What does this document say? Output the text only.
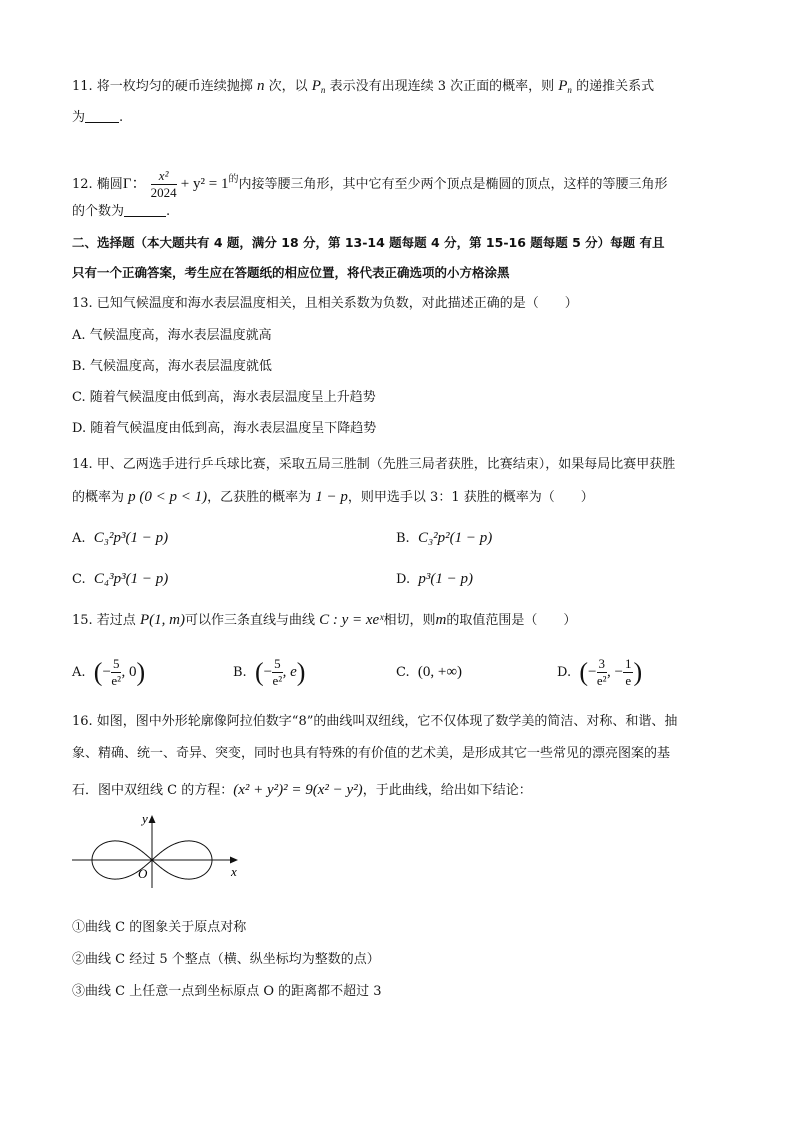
11. 将一枚均匀的硬币连续抛掷 n 次，以 $P_n$ 表示没有出现连续 3 次正面的概率，则 $P_n$ 的递推关系式
为	.
12. 椭圆Γ： $\frac{\text{x²}}{2024} + y^2 = 1^的$内接等腰三角形，其中它有至少两个顶点是椭圆的顶点，这样的等腰三角形
的个数为	.
二、选择题（本大题共有 4 题，满分 18 分，第 13-14 题每题 4 分，第 15-16 题每题 5 分）每题 有且
只有一个正确答案，考生应在答题纸的相应位置，将代表正确选项的小方格涂黑
13. 已知气候温度和海水表层温度相关，且相关系数为负数，对此描述正确的是（　　）
A. 气候温度高，海水表层温度就高
B. 气候温度高，海水表层温度就低
C. 随着气候温度由低到高，海水表层温度呈上升趋势
D. 随着气候温度由低到高，海水表层温度呈下降趋势
14. 甲、乙两选手进行乒乓球比赛，采取五局三胜制（先胜三局者获胜，比赛结束），如果每局比赛甲获胜
的概率为 p (0 < p < 1)，乙获胜的概率为 1 − p，则甲选手以 3：1 获胜的概率为（　　）
A. C₃²p³(1 − p)	B. C₃²p²(1 − p)
C. C₄³p³(1 − p)	D. p³(1 − p)
15. 若过点 P(1, m)可以作三条直线与曲线 C : y = xeˣ相切，则m的取值范围是（　　）
A. (− $\frac{5}{\text{e²}}$ , 0)	B. (− $\frac{5}{\text{e²}}$ , e)	C. (0, +∞)	D. (− $\frac{3}{\text{e²}}$ , − $\frac{1}{e}$ )
16. 如图，图中外形轮廓像阿拉伯数字“8”的曲线叫双纽线，它不仅体现了数学美的简洁、对称、和谐、抽
象、精确、统一、奇异、突变，同时也具有特殊的有价值的艺术美，是形成其它一些常见的漂亮图案的基
石．图中双纽线 C 的方程：(x² + y²)² = 9(x² − y²)，于此曲线，给出如下结论：
y
x
O
①曲线 C 的图象关于原点对称
②曲线 C 经过 5 个整点（横、纵坐标均为整数的点）
③曲线 C 上任意一点到坐标原点 O 的距离都不超过 3
